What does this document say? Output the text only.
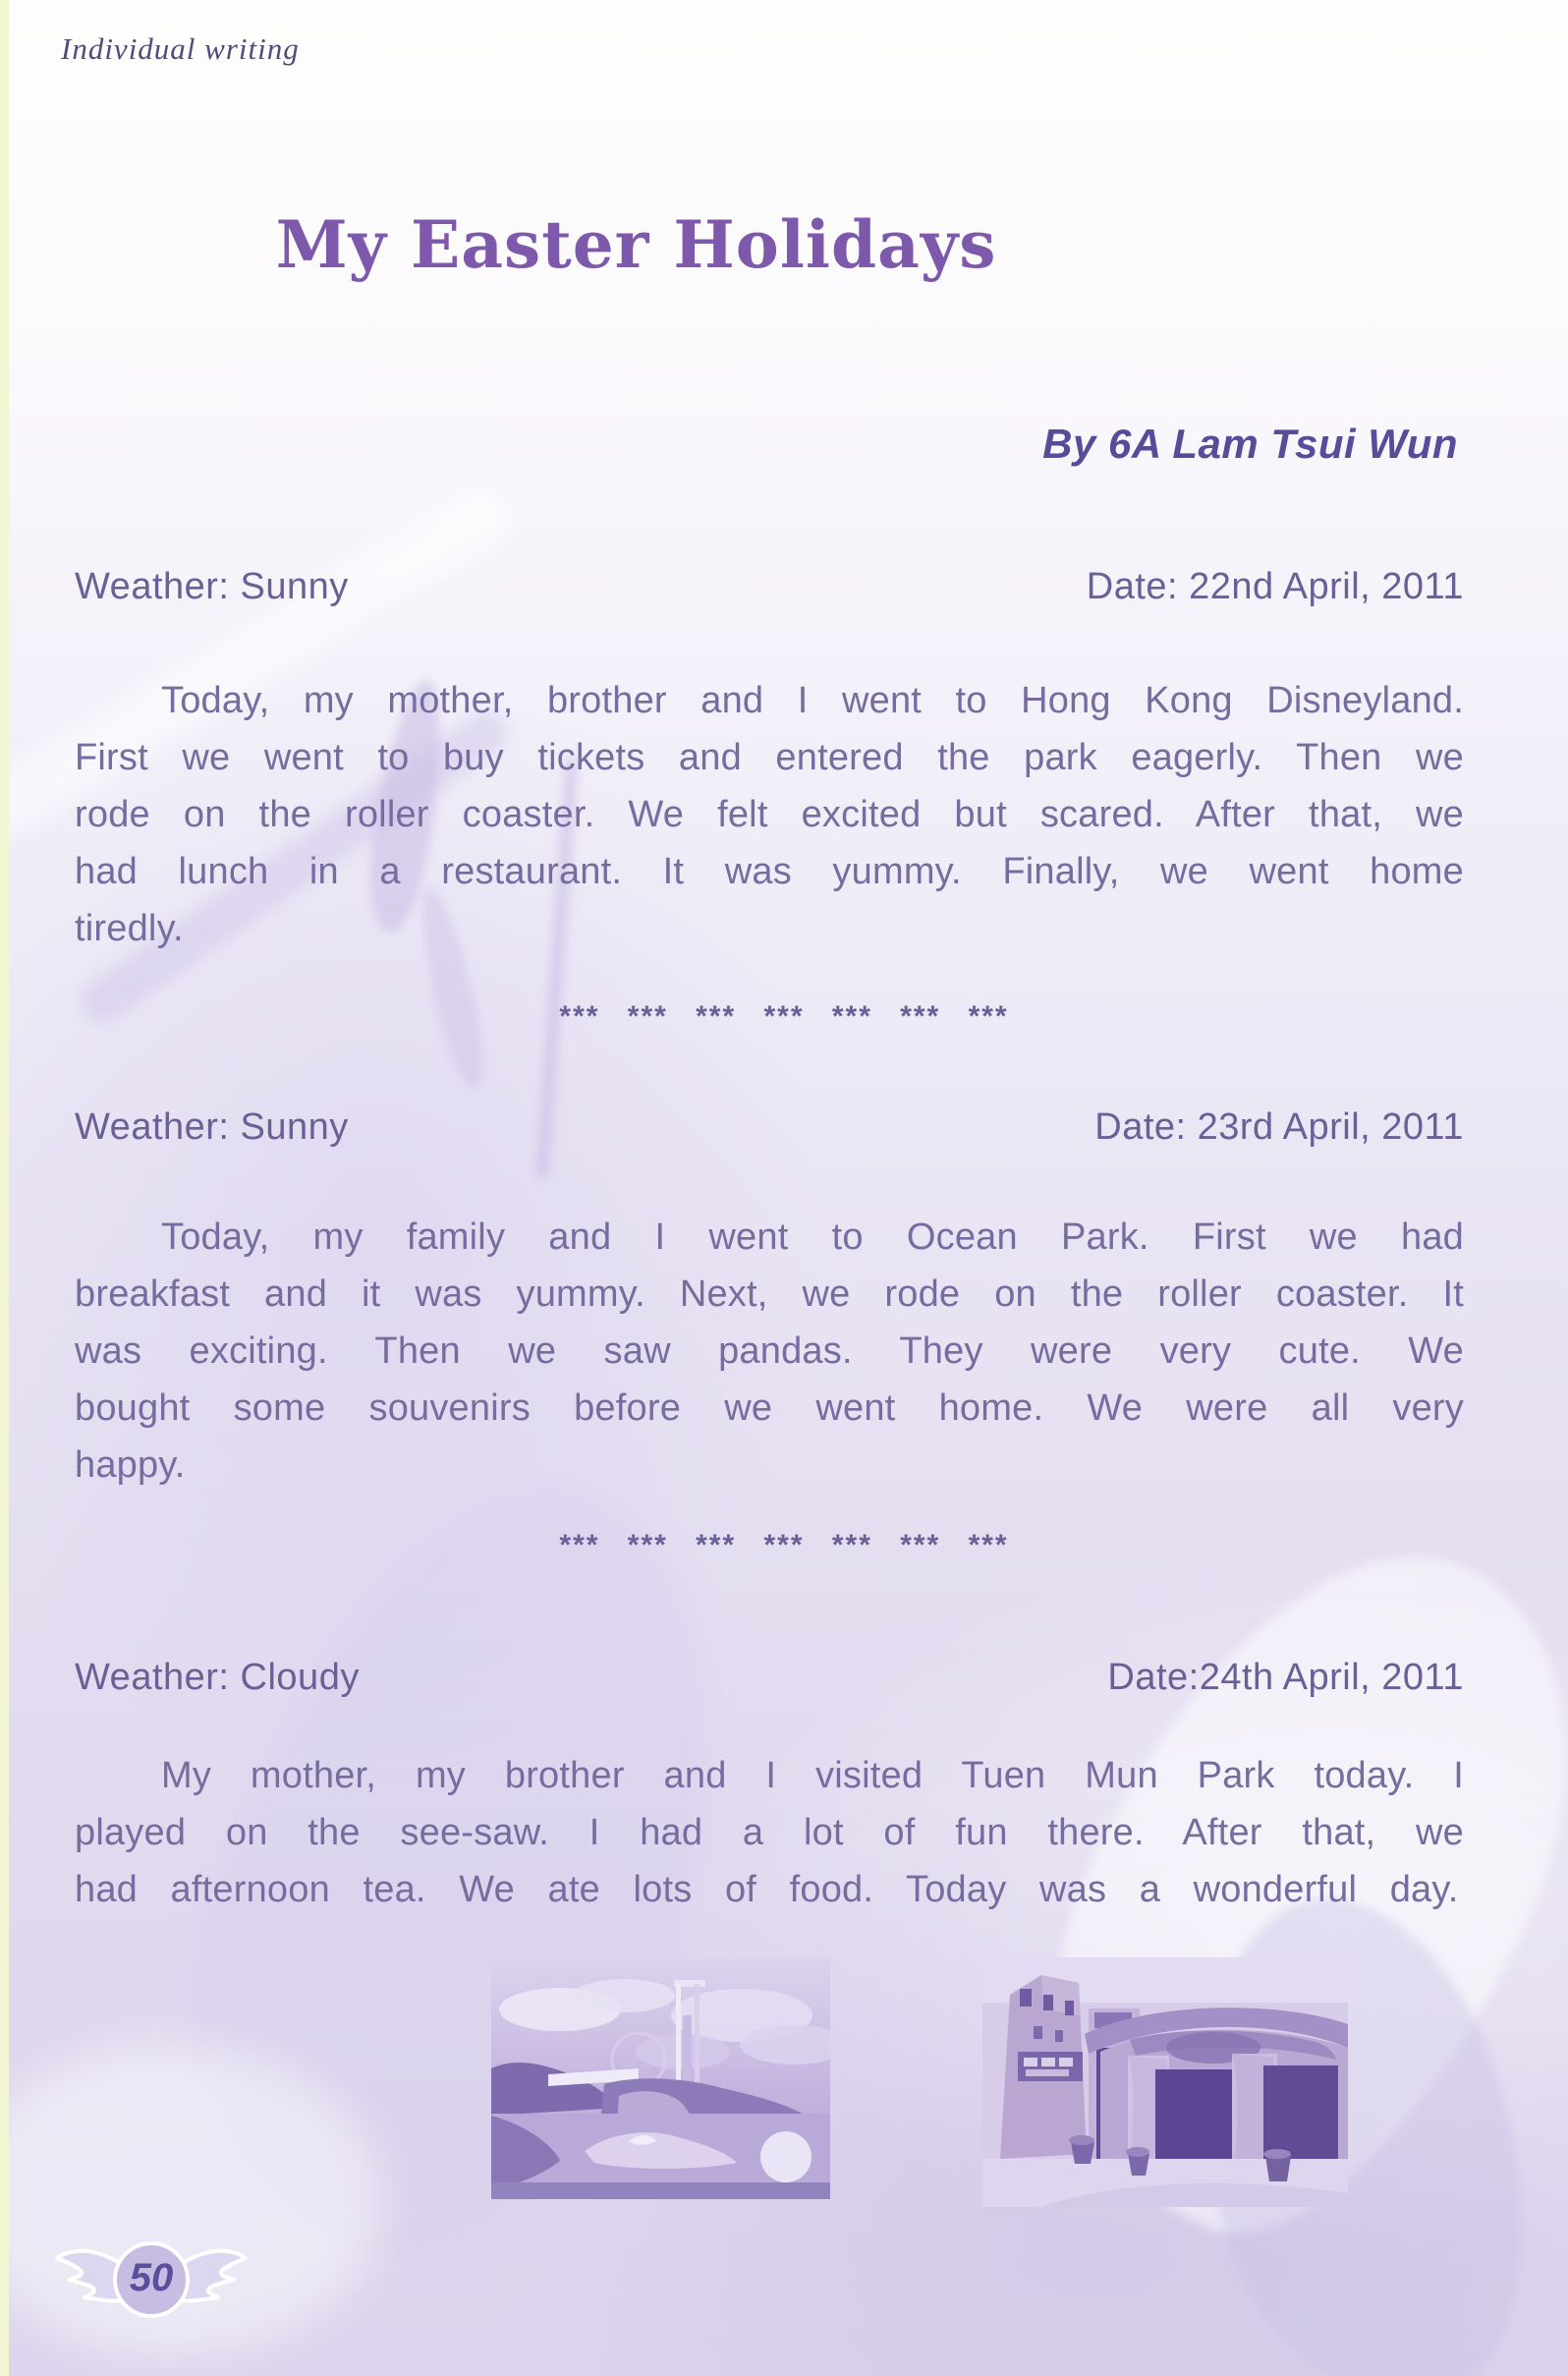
Individual writing
My Easter Holidays
By 6A Lam Tsui Wun
Weather: Sunny	Date: 22nd April, 2011

Today, my mother, brother and I went to Hong Kong Disneyland. First we went to buy tickets and entered the park eagerly. Then we rode on the roller coaster. We felt excited but scared. After that, we had lunch in a restaurant. It was yummy. Finally, we went home tiredly.

*** *** *** *** *** *** ***
Weather: Sunny	Date: 23rd April, 2011

Today, my family and I went to Ocean Park. First we had breakfast and it was yummy. Next, we rode on the roller coaster. It was exciting. Then we saw pandas. They were very cute. We bought some souvenirs before we went home. We were all very happy.

*** *** *** *** *** *** ***
Weather: Cloudy	Date:24th April, 2011

My mother, my brother and I visited Tuen Mun Park today. I played on the see-saw. I had a lot of fun there. After that, we had afternoon tea. We ate lots of food. Today was a wonderful day.

50
